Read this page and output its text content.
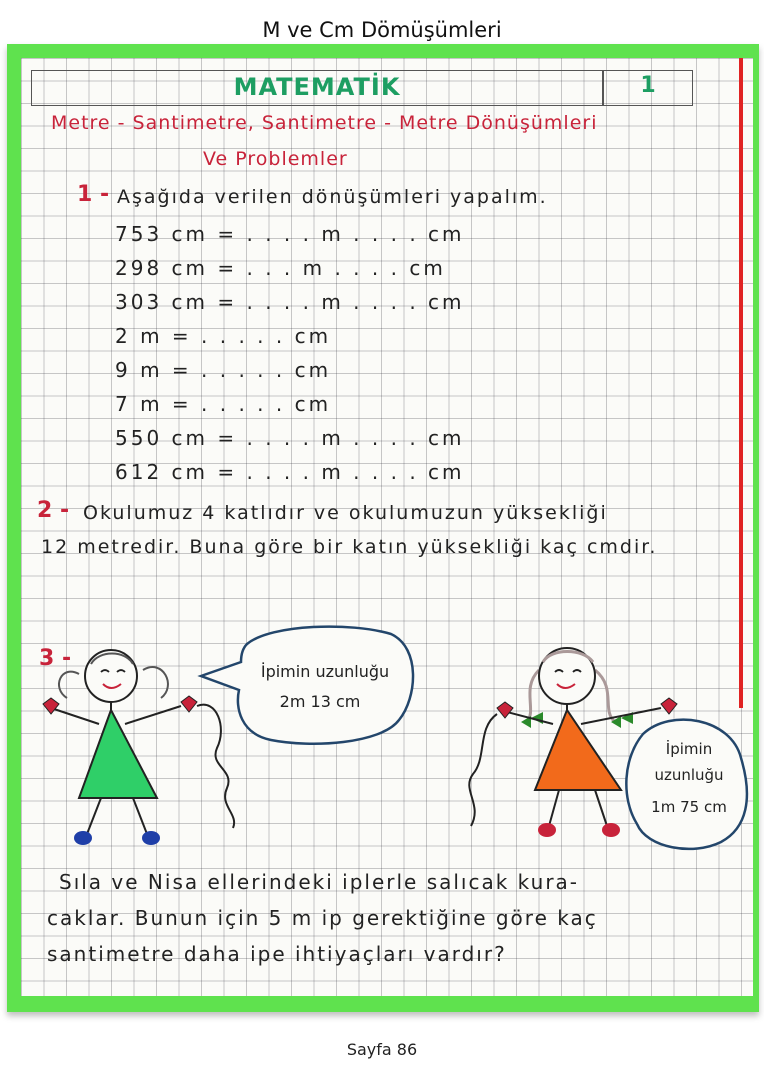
M ve Cm Dömüşümleri
MATEMATİK	1
Metre - Santimetre, Santimetre - Metre Dönüşümleri
Ve Problemler
1 - Aşağıda verilen dönüşümleri yapalım.
753 cm = . . . . m . . . . cm
298 cm = . . . m . . . . cm
303 cm = . . . . m . . . . cm
2 m = . . . . . cm
9 m = . . . . . cm
7 m = . . . . . cm
550 cm = . . . . m . . . . cm
612 cm = . . . . m . . . . cm
2 - Okulumuz 4 katlıdır ve okulumuzun yüksekliği
12 metredir. Buna göre bir katın yüksekliği kaç cmdir.
3 -
İpimin uzunluğu
2m 13 cm
İpimin
uzunluğu
1m 75 cm
Sıla ve Nisa ellerindeki iplerle salıcak kura-
caklar. Bunun için 5 m ip gerektiğine göre kaç
santimetre daha ipe ihtiyaçları vardır?
Sayfa 86
